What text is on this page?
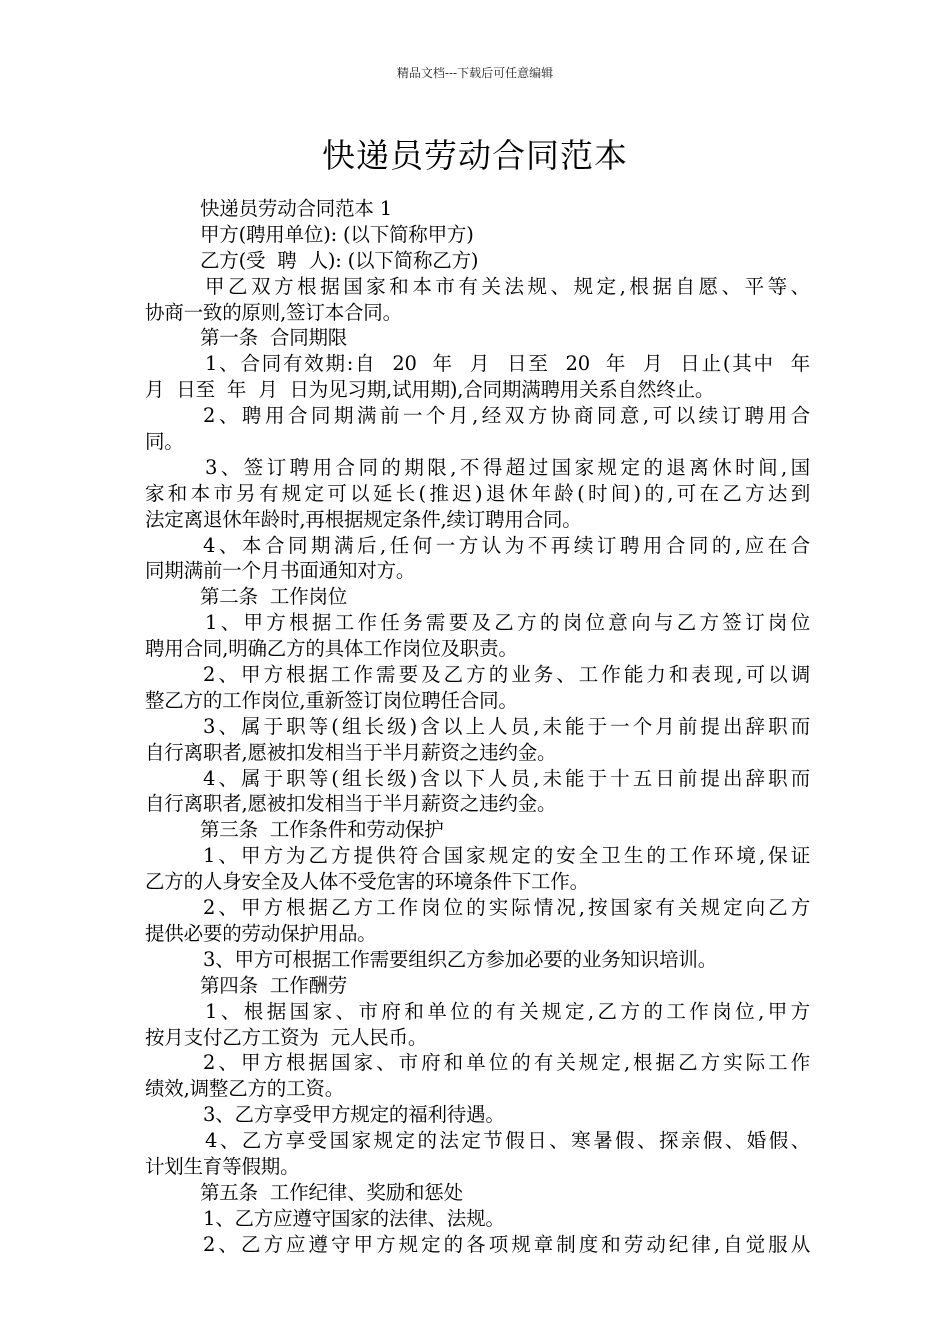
精品文档---下载后可任意编辑
快递员劳动合同范本
快递员劳动合同范本 1
甲方(聘用单位): (以下简称甲方)
乙方(受  聘  人): (以下简称乙方)
甲乙双方根据国家和本市有关法规、规定,根据自愿、平等、
协商一致的原则,签订本合同。
第一条  合同期限
1、合同有效期:自  20  年  月  日至  20  年  月  日止(其中  年
月  日至  年  月  日为见习期,试用期),合同期满聘用关系自然终止。
2、聘用合同期满前一个月,经双方协商同意,可以续订聘用合
同。
3、签订聘用合同的期限,不得超过国家规定的退离休时间,国
家和本市另有规定可以延长(推迟)退休年龄(时间)的,可在乙方达到
法定离退休年龄时,再根据规定条件,续订聘用合同。
4、本合同期满后,任何一方认为不再续订聘用合同的,应在合
同期满前一个月书面通知对方。
第二条  工作岗位
1、甲方根据工作任务需要及乙方的岗位意向与乙方签订岗位
聘用合同,明确乙方的具体工作岗位及职责。
2、甲方根据工作需要及乙方的业务、工作能力和表现,可以调
整乙方的工作岗位,重新签订岗位聘任合同。
3、属于职等(组长级)含以上人员,未能于一个月前提出辞职而
自行离职者,愿被扣发相当于半月薪资之违约金。
4、属于职等(组长级)含以下人员,未能于十五日前提出辞职而
自行离职者,愿被扣发相当于半月薪资之违约金。
第三条  工作条件和劳动保护
1、甲方为乙方提供符合国家规定的安全卫生的工作环境,保证
乙方的人身安全及人体不受危害的环境条件下工作。
2、甲方根据乙方工作岗位的实际情况,按国家有关规定向乙方
提供必要的劳动保护用品。
3、甲方可根据工作需要组织乙方参加必要的业务知识培训。
第四条  工作酬劳
1、根据国家、市府和单位的有关规定,乙方的工作岗位,甲方
按月支付乙方工资为  元人民币。
2、甲方根据国家、市府和单位的有关规定,根据乙方实际工作
绩效,调整乙方的工资。
3、乙方享受甲方规定的福利待遇。
4、乙方享受国家规定的法定节假日、寒暑假、探亲假、婚假、
计划生育等假期。
第五条  工作纪律、奖励和惩处
1、乙方应遵守国家的法律、法规。
2、乙方应遵守甲方规定的各项规章制度和劳动纪律,自觉服从
